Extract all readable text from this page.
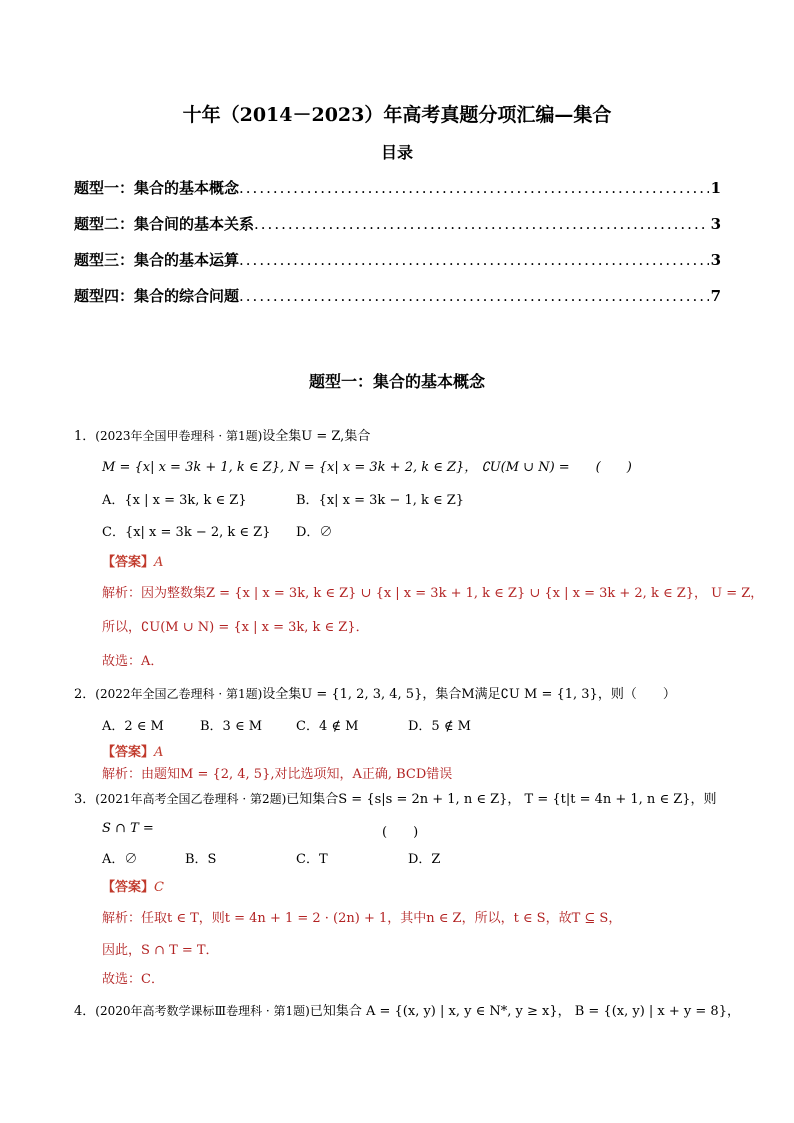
十年（2014－2023）年高考真题分项汇编—集合
目录
题型一：集合的基本概念 .....	1
题型二：集合间的基本关系 .....	3
题型三：集合的基本运算 .....	3
题型四：集合的综合问题 .....	7
题型一：集合的基本概念
1．(2023年全国甲卷理科 · 第1题)设全集U = Z,集合
M = {x| x = 3k + 1, k ∈ Z}, N = {x| x = 3k + 2, k ∈ Z}， ∁U(M ∪ N) =　　(　　)
A．{x | x = 3k, k ∈ Z}	B．{x| x = 3k − 1, k ∈ Z}
C．{x| x = 3k − 2, k ∈ Z} D．∅
【答案】A
解析：因为整数集Z = {x | x = 3k, k ∈ Z} ∪ {x | x = 3k + 1, k ∈ Z} ∪ {x | x = 3k + 2, k ∈ Z}， U = Z，
所以，∁U(M ∪ N) = {x | x = 3k, k ∈ Z}．
故选：A．
2．(2022年全国乙卷理科 · 第1题)设全集U = {1, 2, 3, 4, 5}，集合M满足∁U M = {1, 3}，则（　　）
A．2 ∈ M	B．3 ∈ M	C．4 ∉ M	D．5 ∉ M
【答案】A
解析：由题知M = {2, 4, 5},对比选项知，A正确, BCD错误
3．(2021年高考全国乙卷理科 · 第2题)已知集合S = {s|s = 2n + 1, n ∈ Z}， T = {t|t = 4n + 1, n ∈ Z}，则
S ∩ T =	(　　)
A．∅	B．S	C．T	D．Z
【答案】C
解析：任取t ∈ T，则t = 4n + 1 = 2 · (2n) + 1，其中n ∈ Z，所以，t ∈ S，故T ⊆ S，
因此，S ∩ T = T．
故选：C．
4．(2020年高考数学课标Ⅲ卷理科 · 第1题)已知集合 A = {(x, y) | x, y ∈ N*, y ≥ x}， B = {(x, y) | x + y = 8}，
